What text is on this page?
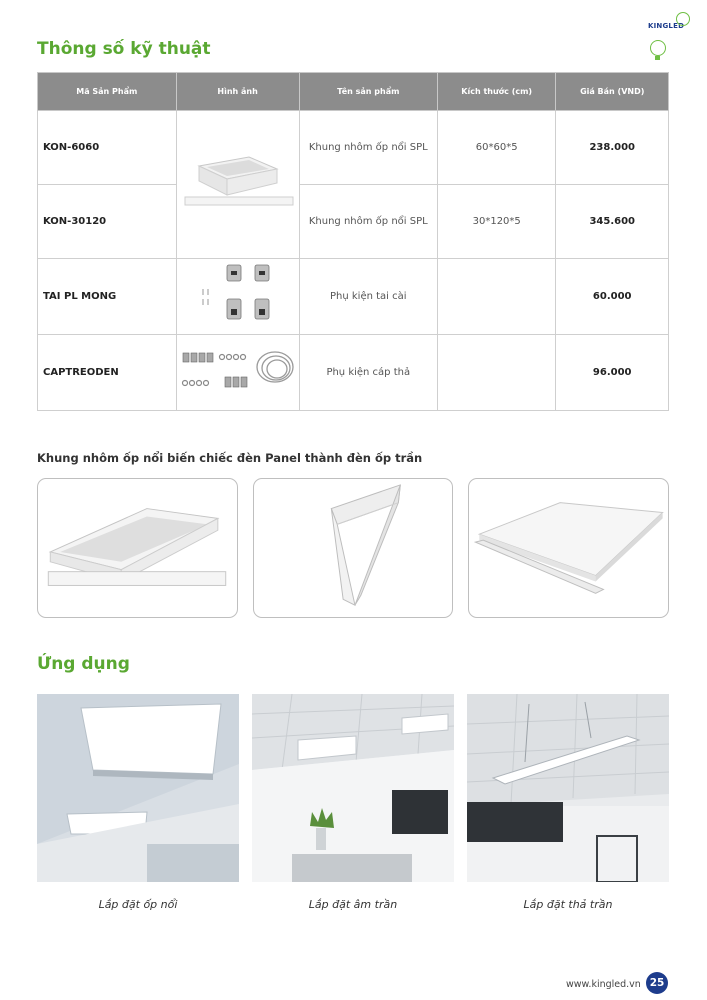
KINGLED
Thông số kỹ thuật
Mã Sản Phẩm	Hình ảnh	Tên sản phẩm	Kích thước (cm)	Giá Bán (VND)
KON-6060		Khung nhôm ốp nổi SPL	60*60*5	238.000
KON-30120		Khung nhôm ốp nổi SPL	30*120*5	345.600
TAI PL MONG		Phụ kiện tai cài		60.000
CAPTREODEN		Phụ kiện cáp thả		96.000
Khung nhôm ốp nổi biến chiếc đèn Panel thành đèn ốp trần
Ứng dụng
Lắp đặt ốp nổi	Lắp đặt âm trần	Lắp đặt thả trần
www.kingled.vn 25
